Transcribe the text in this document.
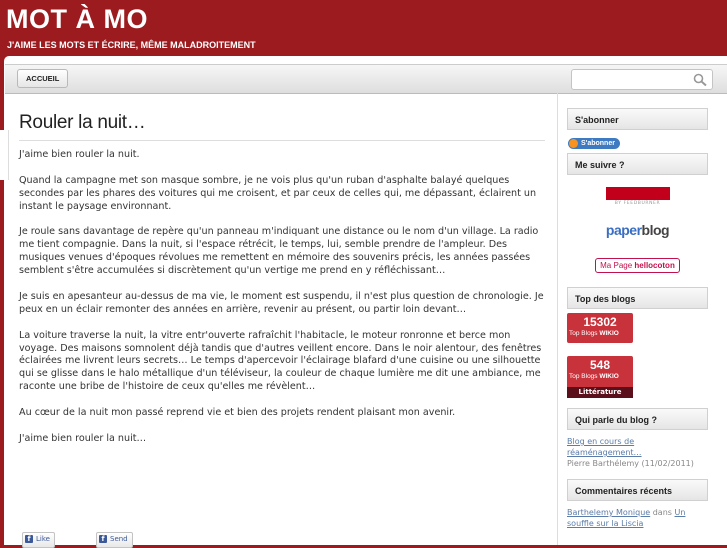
MOT À MO
J'AIME LES MOTS ET ÉCRIRE, MÊME MALADROITEMENT
ACCUEIL
Rouler la nuit…

J'aime bien rouler la nuit.

Quand la campagne met son masque sombre, je ne vois plus qu'un ruban d'asphalte balayé quelques secondes par les phares des voitures qui me croisent, et par ceux de celles qui, me dépassant, éclairent un instant le paysage environnant.

Je roule sans davantage de repère qu'un panneau m'indiquant une distance ou le nom d'un village. La radio me tient compagnie. Dans la nuit, si l'espace rétrécit, le temps, lui, semble prendre de l'ampleur. Des musiques venues d'époques révolues me remettent en mémoire des souvenirs précis, les années passées semblent s'être accumulées si discrètement qu'un vertige me prend en y réfléchissant…

Je suis en apesanteur au-dessus de ma vie, le moment est suspendu, il n'est plus question de chronologie. Je peux en un éclair remonter des années en arrière, revenir au présent, ou partir loin devant…

La voiture traverse la nuit, la vitre entr'ouverte rafraîchit l'habitacle, le moteur ronronne et berce mon voyage. Des maisons somnolent déjà tandis que d'autres veillent encore. Dans le noir alentour, des fenêtres éclairées me livrent leurs secrets… Le temps d'apercevoir l'éclairage blafard d'une cuisine ou une silhouette qui se glisse dans le halo métallique d'un téléviseur, la couleur de chaque lumière me dit une ambiance, me raconte une bribe de l'histoire de ceux qu'elles me révèlent…

Au cœur de la nuit mon passé reprend vie et bien des projets rendent plaisant mon avenir.

J'aime bien rouler la nuit…

f Like	f Send
S'abonner
S'abonner
Me suivre ?
BY FEEDBURNER
paperblog
Ma Page hellocoton
Top des blogs
15302
Top Blogs WIKIO
548
Top Blogs WIKIO
Littérature
Qui parle du blog ?
Blog en cours de
réaménagement…
Pierre Barthélemy (11/02/2011)
Commentaires récents
Barthelemy Monique dans Un
souffle sur la Liscia
